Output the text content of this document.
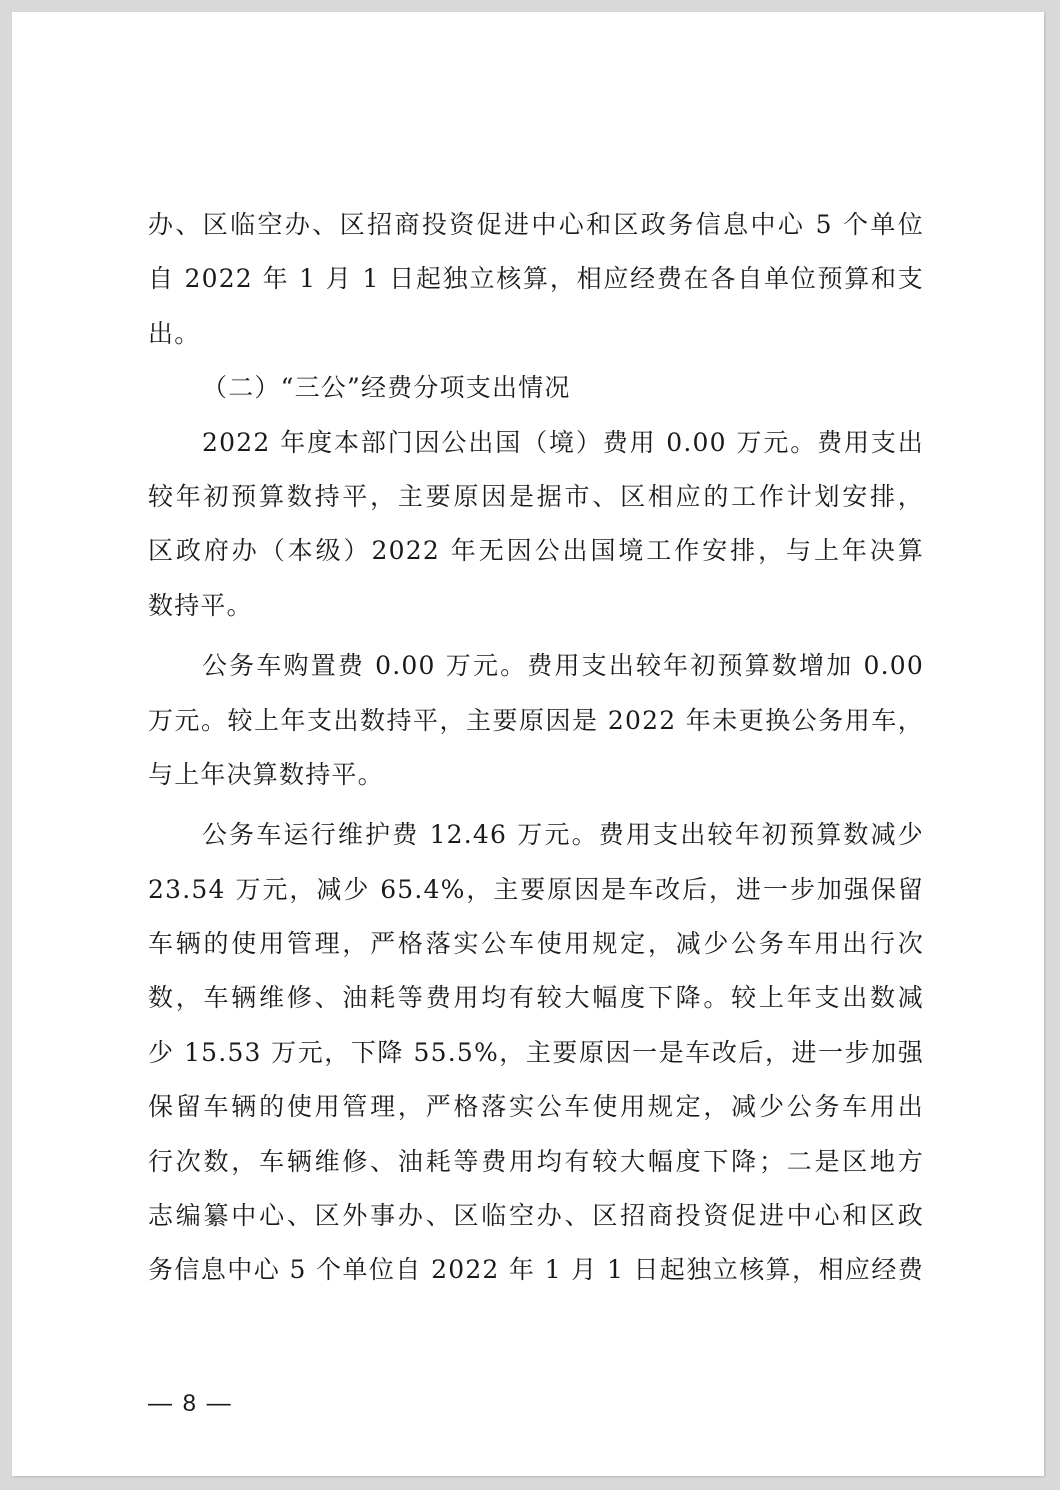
办、区临空办、区招商投资促进中心和区政务信息中心 5 个单位
自 2022 年 1 月 1 日起独立核算，相应经费在各自单位预算和支
出。
（二）“三公”经费分项支出情况
2022 年度本部门因公出国（境）费用 0.00 万元。费用支出
较年初预算数持平，主要原因是据市、区相应的工作计划安排，
区政府办（本级）2022 年无因公出国境工作安排，与上年决算
数持平。
公务车购置费 0.00 万元。费用支出较年初预算数增加 0.00
万元。较上年支出数持平，主要原因是 2022 年未更换公务用车，
与上年决算数持平。
公务车运行维护费 12.46 万元。费用支出较年初预算数减少
23.54 万元，减少 65.4%，主要原因是车改后，进一步加强保留
车辆的使用管理，严格落实公车使用规定，减少公务车用出行次
数，车辆维修、油耗等费用均有较大幅度下降。较上年支出数减
少 15.53 万元，下降 55.5%，主要原因一是车改后，进一步加强
保留车辆的使用管理，严格落实公车使用规定，减少公务车用出
行次数，车辆维修、油耗等费用均有较大幅度下降；二是区地方
志编纂中心、区外事办、区临空办、区招商投资促进中心和区政
务信息中心 5 个单位自 2022 年 1 月 1 日起独立核算，相应经费
— 8 —
